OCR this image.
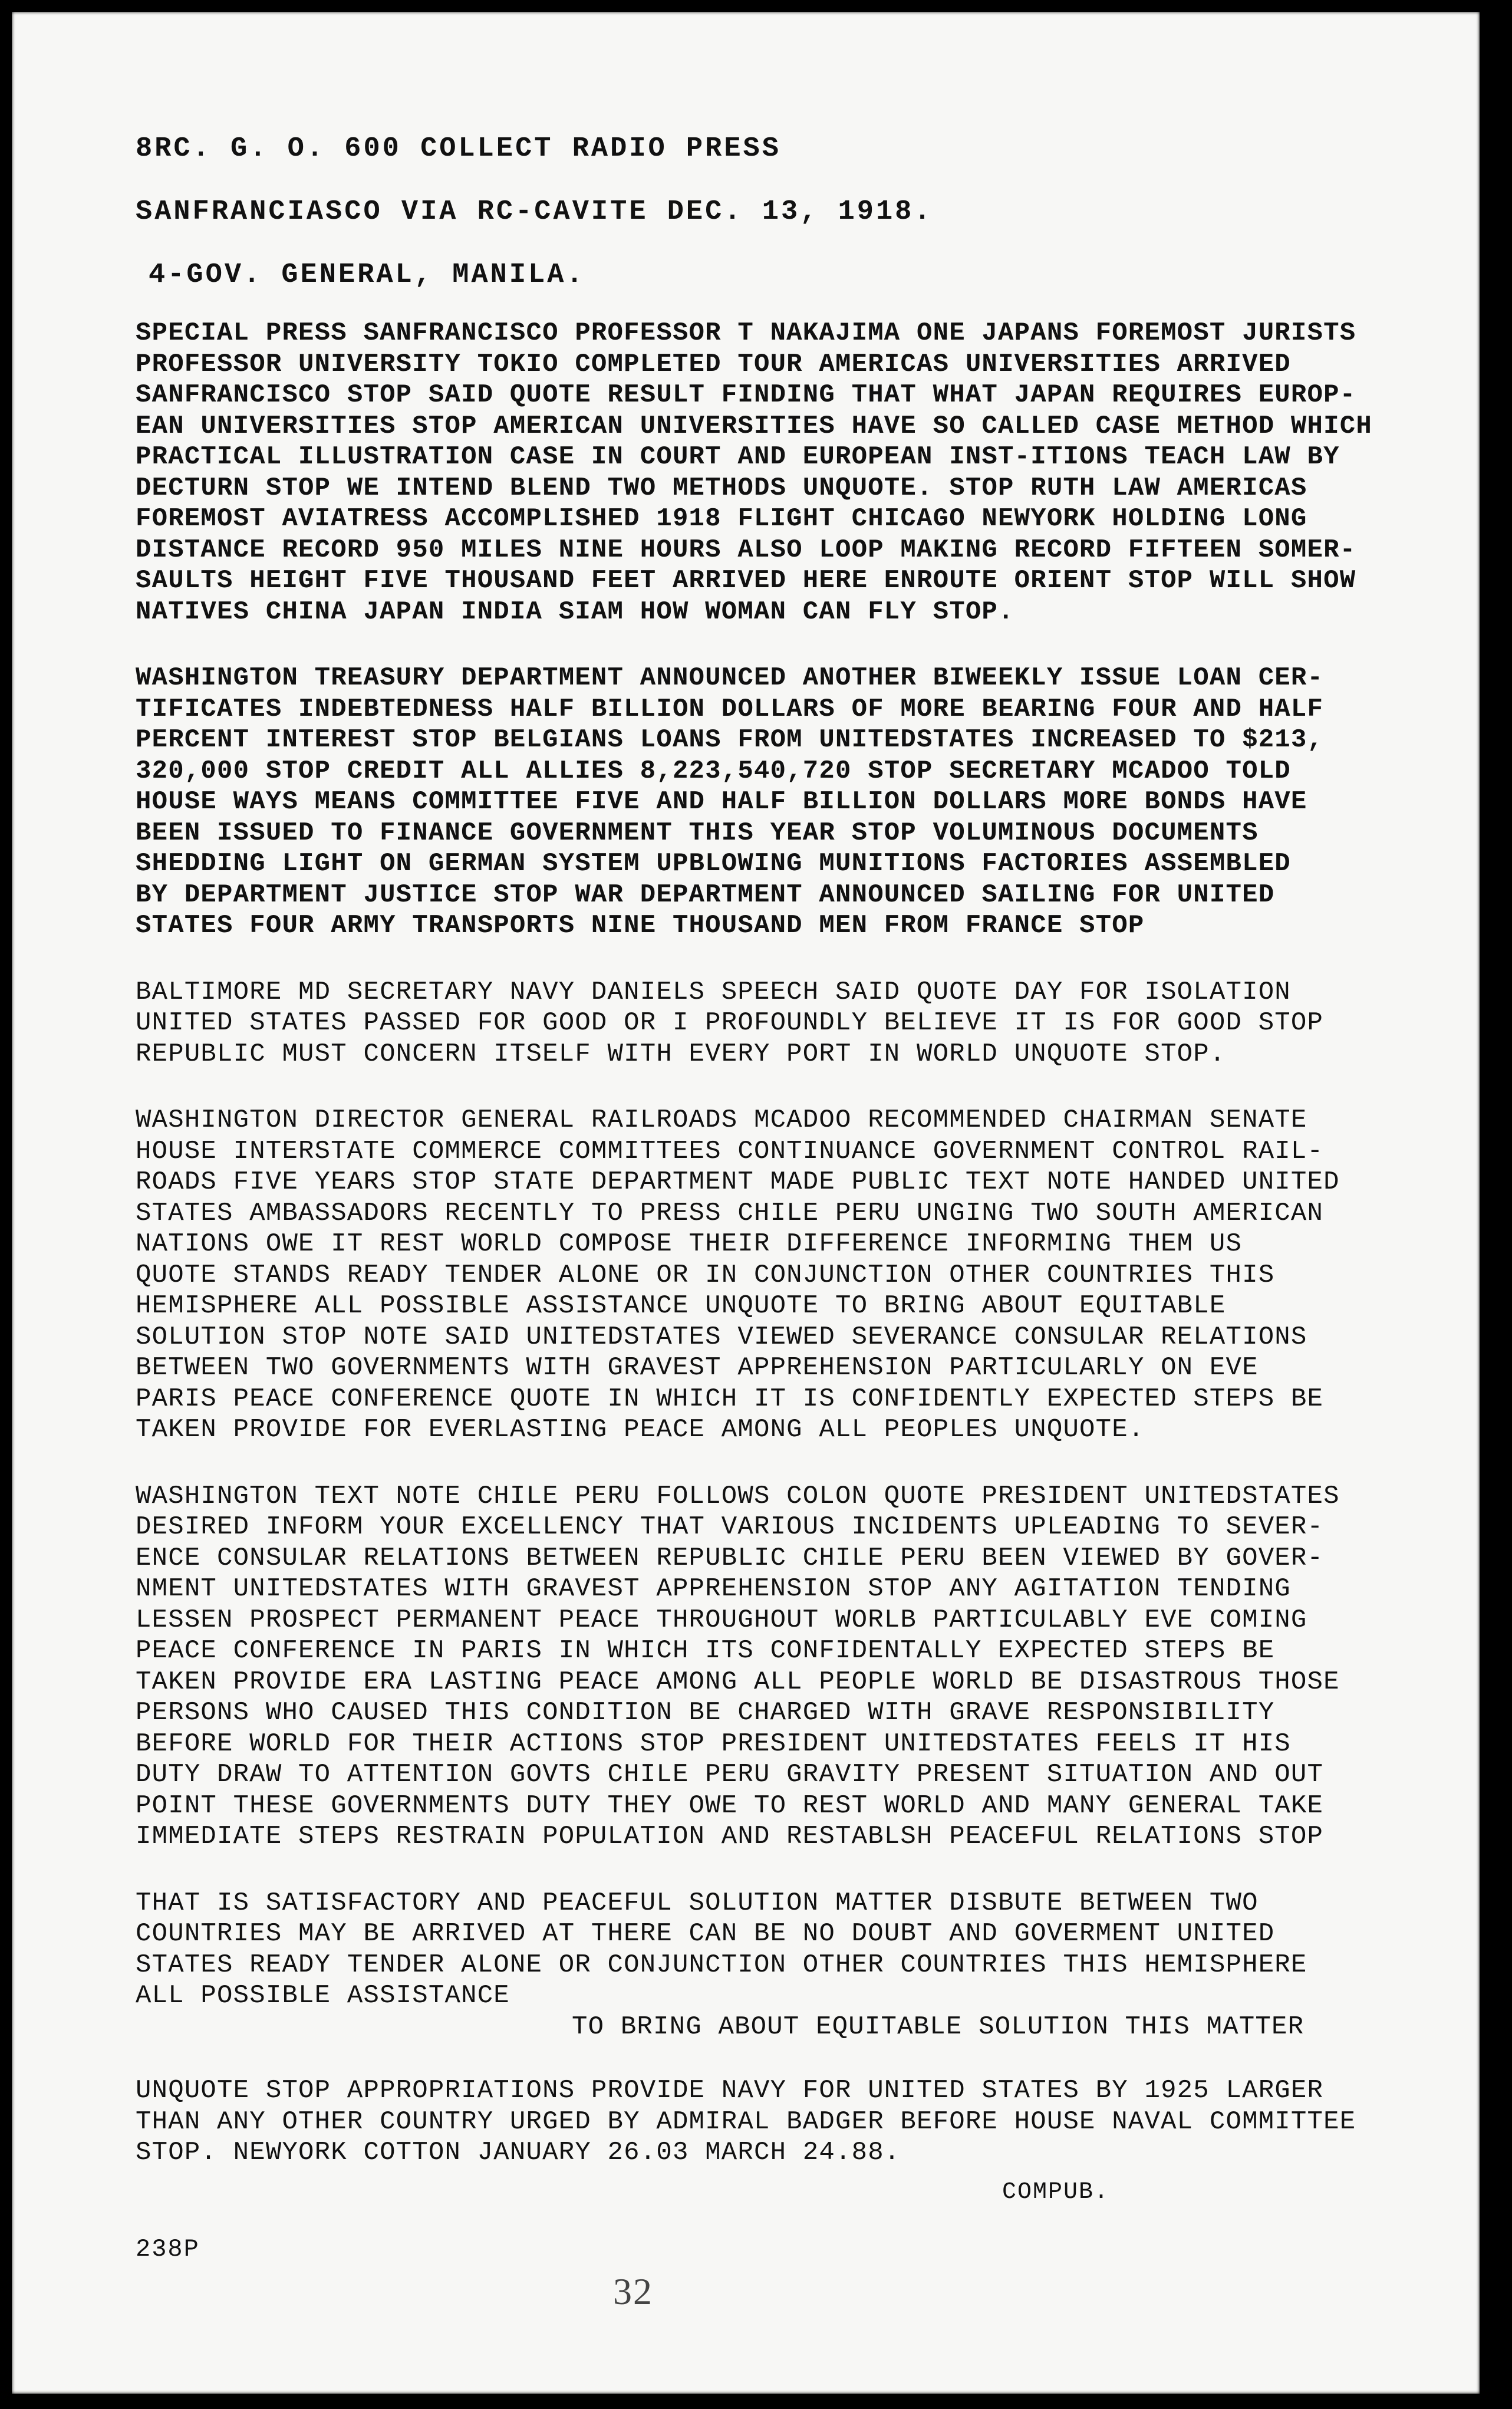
8RC. G. O. 600 COLLECT RADIO PRESS
SANFRANCIASCO VIA RC-CAVITE DEC. 13, 1918.
4-GOV. GENERAL, MANILA.
SPECIAL PRESS SANFRANCISCO PROFESSOR T NAKAJIMA ONE JAPANS FOREMOST JURISTS
PROFESSOR UNIVERSITY TOKIO COMPLETED TOUR AMERICAS UNIVERSITIES ARRIVED
SANFRANCISCO STOP SAID QUOTE RESULT FINDING THAT WHAT JAPAN REQUIRES EUROP-
EAN UNIVERSITIES STOP AMERICAN UNIVERSITIES HAVE SO CALLED CASE METHOD WHICH
PRACTICAL ILLUSTRATION CASE IN COURT AND EUROPEAN INST-ITIONS TEACH LAW BY
DECTURN STOP WE INTEND BLEND TWO METHODS UNQUOTE. STOP RUTH LAW AMERICAS
FOREMOST AVIATRESS ACCOMPLISHED 1918 FLIGHT CHICAGO NEWYORK HOLDING LONG
DISTANCE RECORD 950 MILES NINE HOURS ALSO LOOP MAKING RECORD FIFTEEN SOMER-
SAULTS HEIGHT FIVE THOUSAND FEET ARRIVED HERE ENROUTE ORIENT STOP WILL SHOW
NATIVES CHINA JAPAN INDIA SIAM HOW WOMAN CAN FLY STOP.
WASHINGTON TREASURY DEPARTMENT ANNOUNCED ANOTHER BIWEEKLY ISSUE LOAN CER-
TIFICATES INDEBTEDNESS HALF BILLION DOLLARS OF MORE BEARING FOUR AND HALF
PERCENT INTEREST STOP BELGIANS LOANS FROM UNITEDSTATES INCREASED TO $213,
320,000 STOP CREDIT ALL ALLIES 8,223,540,720 STOP SECRETARY MCADOO TOLD
HOUSE WAYS MEANS COMMITTEE FIVE AND HALF BILLION DOLLARS MORE BONDS HAVE
BEEN ISSUED TO FINANCE GOVERNMENT THIS YEAR STOP VOLUMINOUS DOCUMENTS
SHEDDING LIGHT ON GERMAN SYSTEM UPBLOWING MUNITIONS FACTORIES ASSEMBLED
BY DEPARTMENT JUSTICE STOP WAR DEPARTMENT ANNOUNCED SAILING FOR UNITED
STATES FOUR ARMY TRANSPORTS NINE THOUSAND MEN FROM FRANCE STOP
BALTIMORE MD SECRETARY NAVY DANIELS SPEECH SAID QUOTE DAY FOR ISOLATION
UNITED STATES PASSED FOR GOOD OR I PROFOUNDLY BELIEVE IT IS FOR GOOD STOP
REPUBLIC MUST CONCERN ITSELF WITH EVERY PORT IN WORLD UNQUOTE STOP.
WASHINGTON DIRECTOR GENERAL RAILROADS MCADOO RECOMMENDED CHAIRMAN SENATE
HOUSE INTERSTATE COMMERCE COMMITTEES CONTINUANCE GOVERNMENT CONTROL RAIL-
ROADS FIVE YEARS STOP STATE DEPARTMENT MADE PUBLIC TEXT NOTE HANDED UNITED
STATES AMBASSADORS RECENTLY TO PRESS CHILE PERU UNGING TWO SOUTH AMERICAN
NATIONS OWE IT REST WORLD COMPOSE THEIR DIFFERENCE INFORMING THEM US
QUOTE STANDS READY TENDER ALONE OR IN CONJUNCTION OTHER COUNTRIES THIS
HEMISPHERE ALL POSSIBLE ASSISTANCE UNQUOTE TO BRING ABOUT EQUITABLE
SOLUTION STOP NOTE SAID UNITEDSTATES VIEWED SEVERANCE CONSULAR RELATIONS
BETWEEN TWO GOVERNMENTS WITH GRAVEST APPREHENSION PARTICULARLY ON EVE
PARIS PEACE CONFERENCE QUOTE IN WHICH IT IS CONFIDENTLY EXPECTED STEPS BE
TAKEN PROVIDE FOR EVERLASTING PEACE AMONG ALL PEOPLES UNQUOTE.
WASHINGTON TEXT NOTE CHILE PERU FOLLOWS COLON QUOTE PRESIDENT UNITEDSTATES
DESIRED INFORM YOUR EXCELLENCY THAT VARIOUS INCIDENTS UPLEADING TO SEVER-
ENCE CONSULAR RELATIONS BETWEEN REPUBLIC CHILE PERU BEEN VIEWED BY GOVER-
NMENT UNITEDSTATES WITH GRAVEST APPREHENSION STOP ANY AGITATION TENDING
LESSEN PROSPECT PERMANENT PEACE THROUGHOUT WORLB PARTICULABLY EVE COMING
PEACE CONFERENCE IN PARIS IN WHICH ITS CONFIDENTALLY EXPECTED STEPS BE
TAKEN PROVIDE ERA LASTING PEACE AMONG ALL PEOPLE WORLD BE DISASTROUS THOSE
PERSONS WHO CAUSED THIS CONDITION BE CHARGED WITH GRAVE RESPONSIBILITY
BEFORE WORLD FOR THEIR ACTIONS STOP PRESIDENT UNITEDSTATES FEELS IT HIS
DUTY DRAW TO ATTENTION GOVTS CHILE PERU GRAVITY PRESENT SITUATION AND OUT
POINT THESE GOVERNMENTS DUTY THEY OWE TO REST WORLD AND MANY GENERAL TAKE
IMMEDIATE STEPS RESTRAIN POPULATION AND RESTABLSH PEACEFUL RELATIONS STOP
THAT IS SATISFACTORY AND PEACEFUL SOLUTION MATTER DISBUTE BETWEEN TWO
COUNTRIES MAY BE ARRIVED AT THERE CAN BE NO DOUBT AND GOVERMENT UNITED
STATES READY TENDER ALONE OR CONJUNCTION OTHER COUNTRIES THIS HEMISPHERE
ALL POSSIBLE ASSISTANCE
TO BRING ABOUT EQUITABLE SOLUTION THIS MATTER
UNQUOTE STOP APPROPRIATIONS PROVIDE NAVY FOR UNITED STATES BY 1925 LARGER
THAN ANY OTHER COUNTRY URGED BY ADMIRAL BADGER BEFORE HOUSE NAVAL COMMITTEE
STOP. NEWYORK COTTON JANUARY 26.03 MARCH 24.88.
COMPUB.
238P
32
